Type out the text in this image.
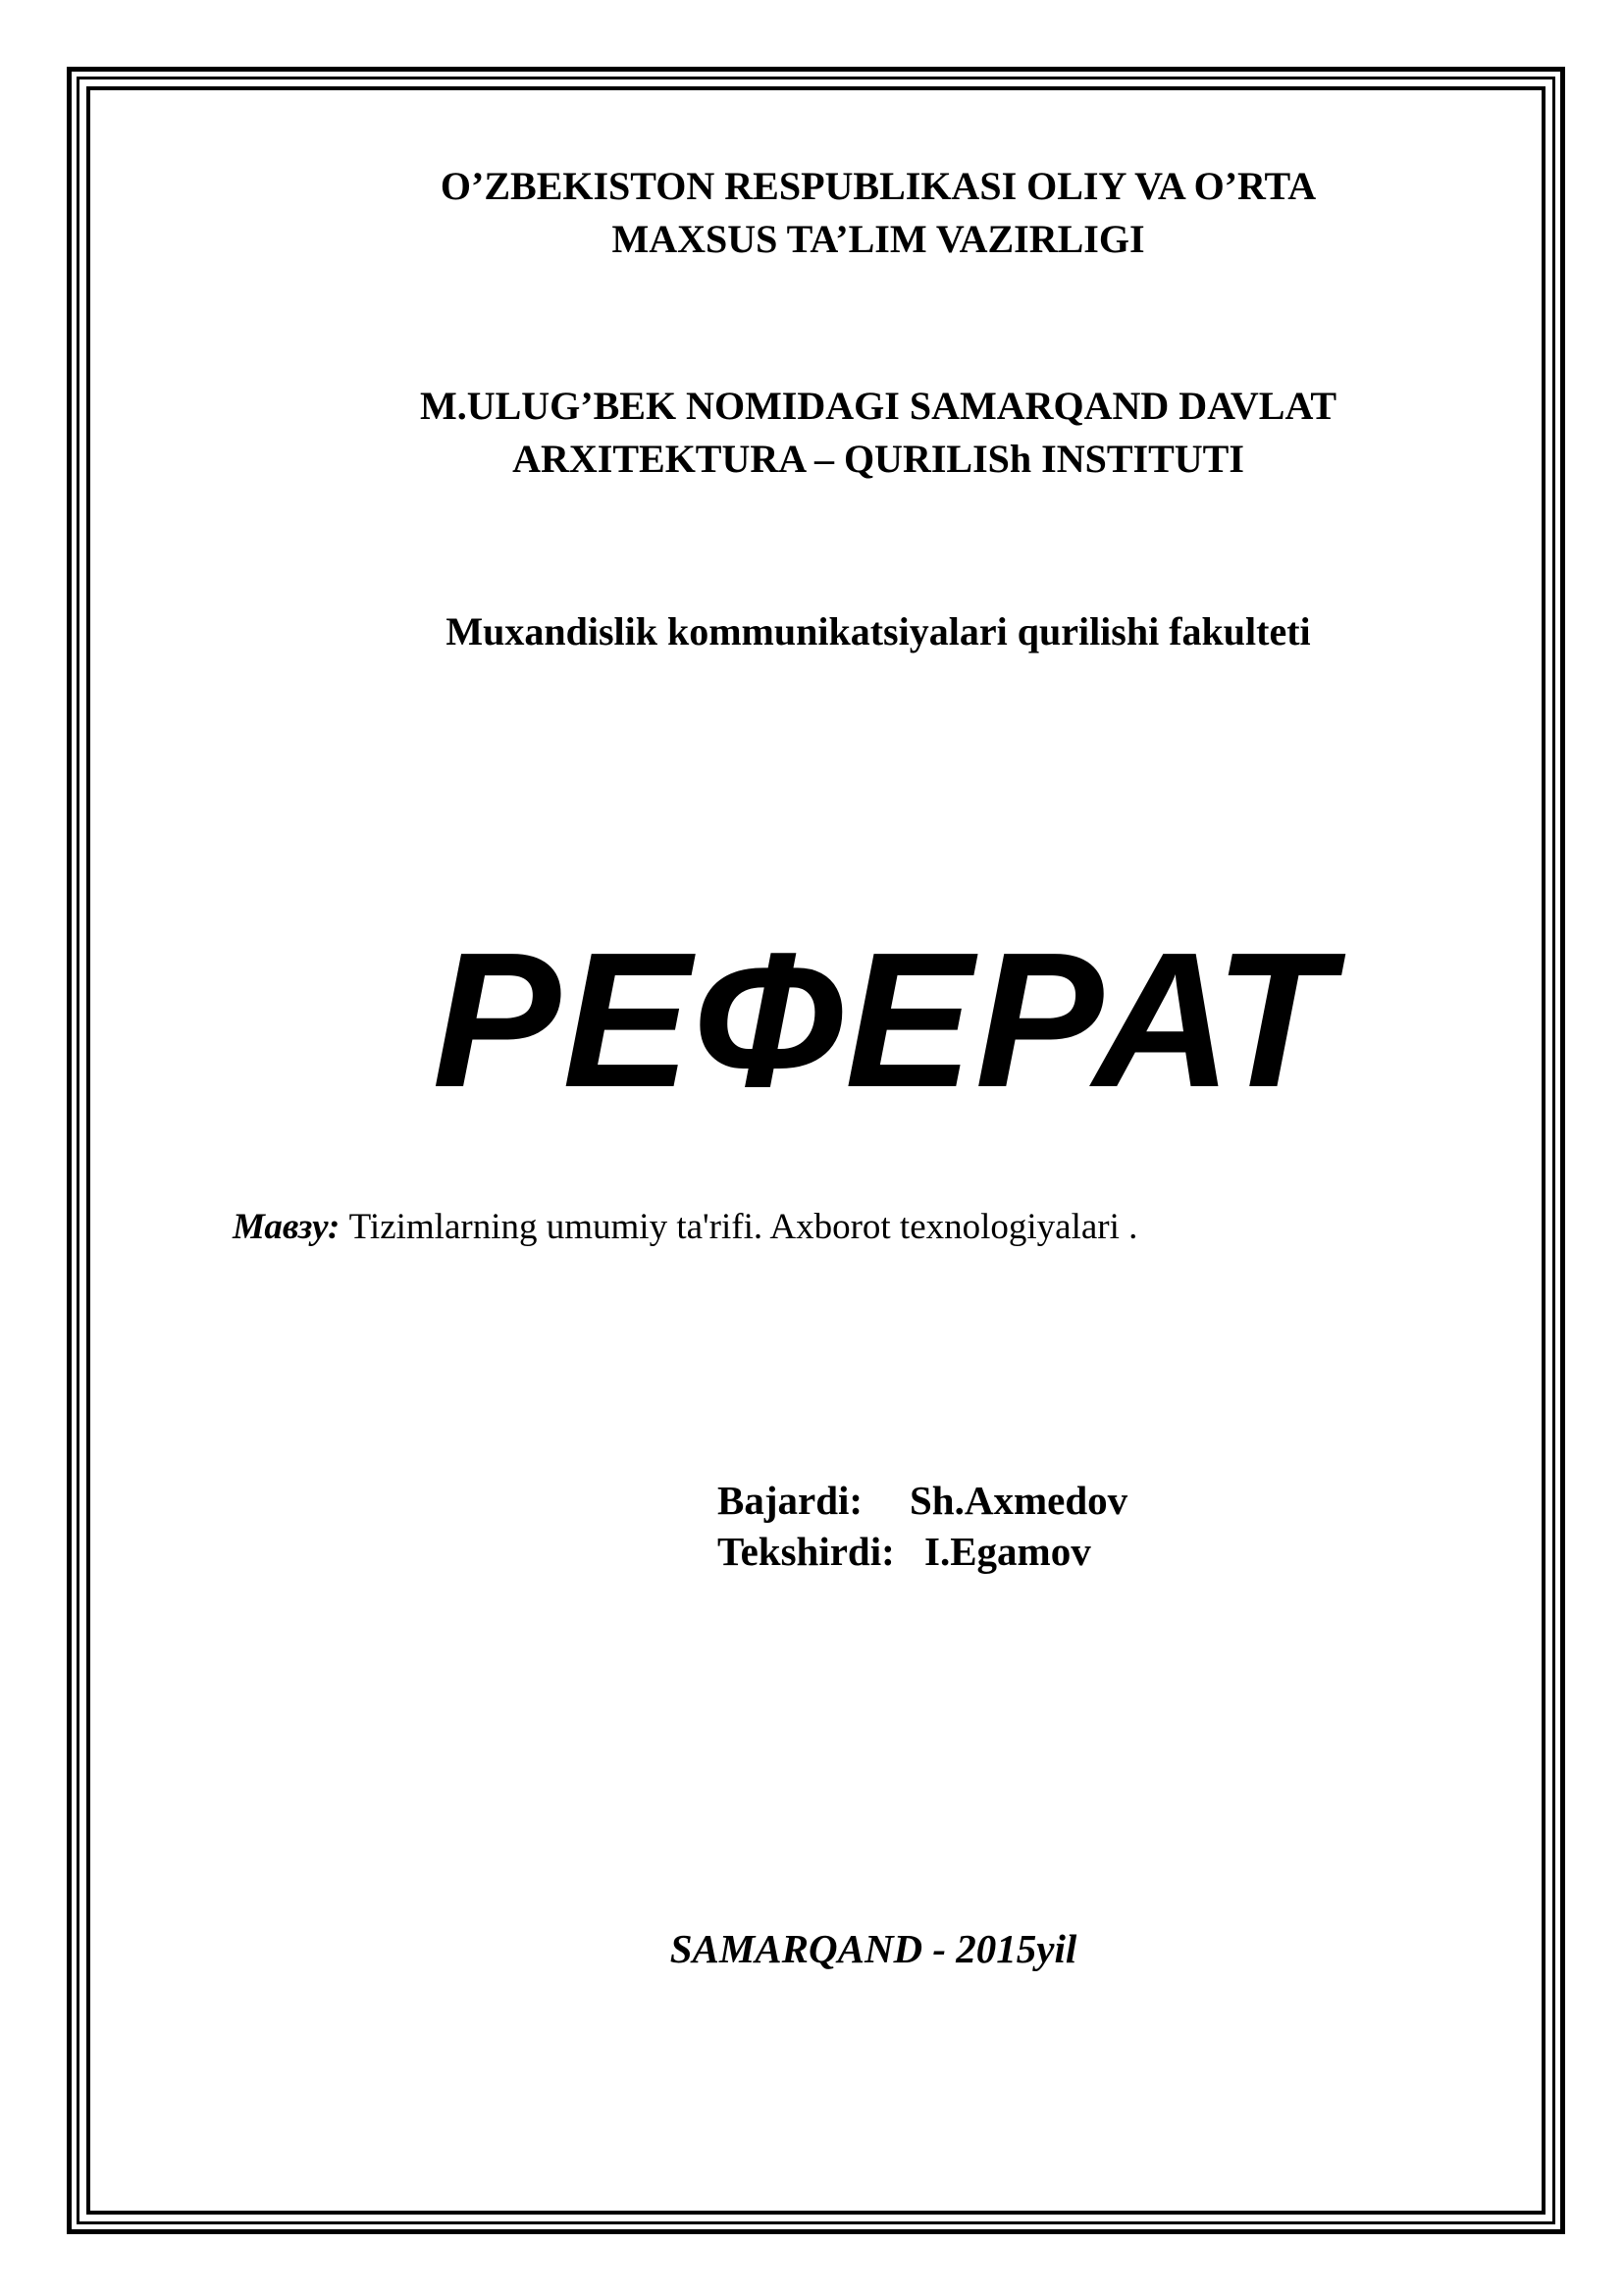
O’ZBEKISTON RESPUBLIKASI OLIY VA O’RTA
MAXSUS TA’LIM VAZIRLIGI
M.ULUG’BEK NOMIDAGI SAMARQAND DAVLAT
ARXITEKTURA – QURILISh INSTITUTI
Muxandislik kommunikatsiyalari qurilishi fakulteti
РЕФЕРАТ
Мавзу: Tizimlarning umumiy ta'rifi. Axborot texnologiyalari .
Bajardi: Sh.Axmedov
Tekshirdi: I.Egamov
SAMARQAND - 2015yil
